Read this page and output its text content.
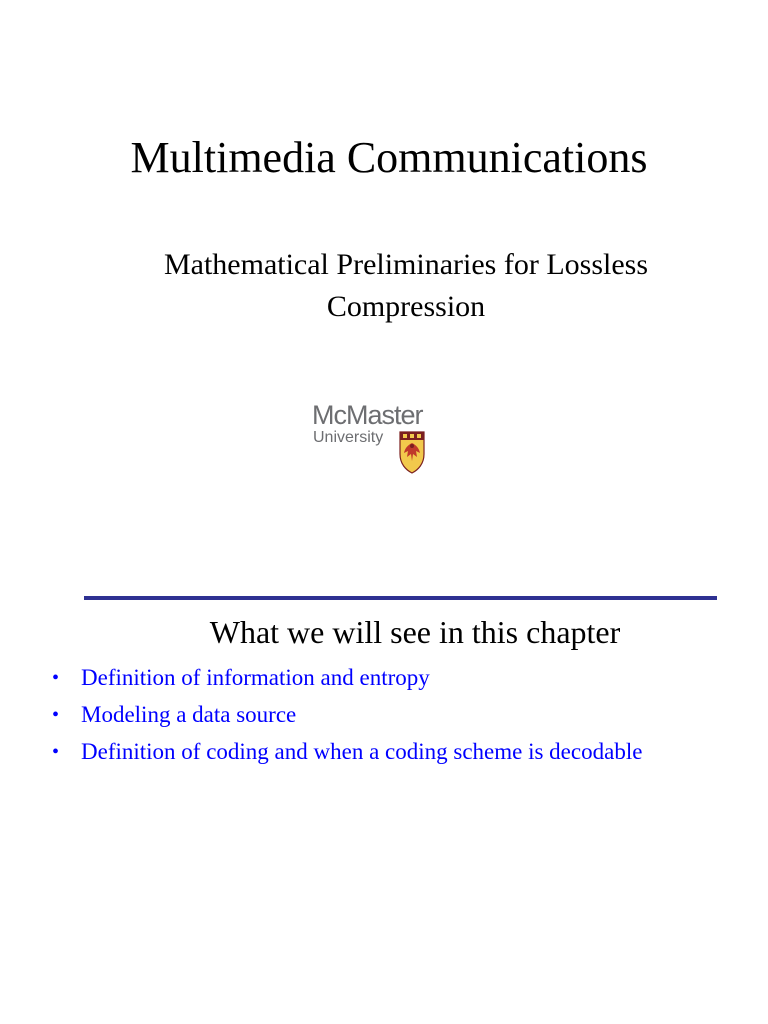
Multimedia Communications
Mathematical Preliminaries for Lossless Compression
McMaster
University
What we will see in this chapter
• Definition of information and entropy
• Modeling a data source
• Definition of coding and when a coding scheme is decodable
